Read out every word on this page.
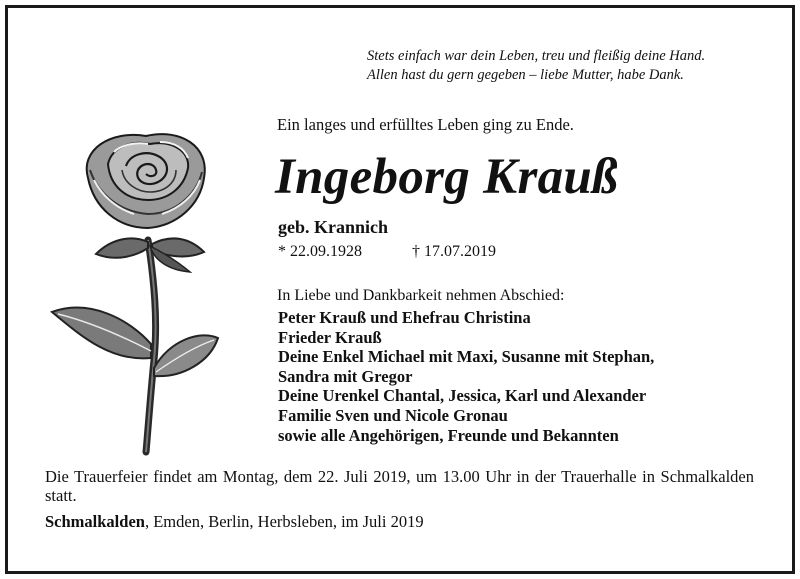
Stets einfach war dein Leben, treu und fleißig deine Hand.
Allen hast du gern gegeben – liebe Mutter, habe Dank.
Ein langes und erfülltes Leben ging zu Ende.
Ingeborg Krauß
geb. Krannich
* 22.09.1928	† 17.07.2019
In Liebe und Dankbarkeit nehmen Abschied:
Peter Krauß und Ehefrau Christina
Frieder Krauß
Deine Enkel Michael mit Maxi, Susanne mit Stephan,
Sandra mit Gregor
Deine Urenkel Chantal, Jessica, Karl und Alexander
Familie Sven und Nicole Gronau
sowie alle Angehörigen, Freunde und Bekannten
Die Trauerfeier findet am Montag, dem 22. Juli 2019, um 13.00 Uhr in der Trauerhalle in Schmalkalden statt.
Schmalkalden, Emden, Berlin, Herbsleben, im Juli 2019
